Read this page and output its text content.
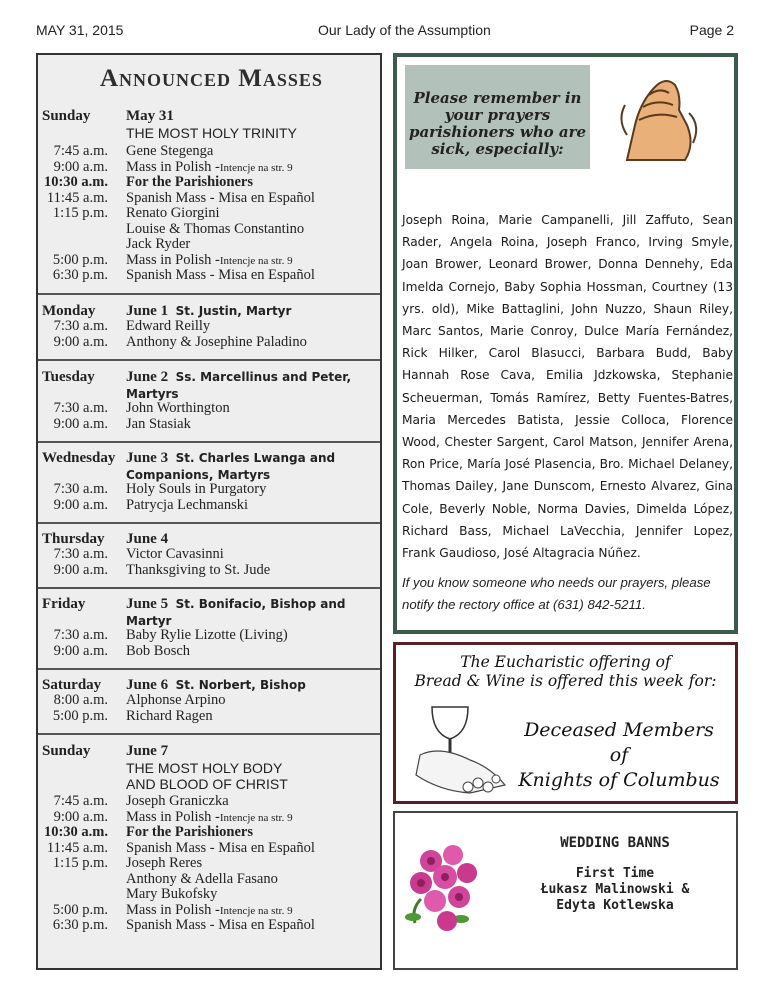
MAY 31, 2015	Our Lady of the Assumption	Page 2
Announced Masses
Sunday May 31
THE MOST HOLY TRINITY
7:45 a.m. Gene Stegenga
9:00 a.m. Mass in Polish -Intencje na str. 9
10:30 a.m. For the Parishioners
11:45 a.m. Spanish Mass - Misa en Español
1:15 p.m. Renato Giorgini
Louise & Thomas Constantino
Jack Ryder
5:00 p.m. Mass in Polish -Intencje na str. 9
6:30 p.m. Spanish Mass - Misa en Español
Monday June 1 St. Justin, Martyr
7:30 a.m. Edward Reilly
9:00 a.m. Anthony & Josephine Paladino
Tuesday June 2 Ss. Marcellinus and Peter,
Martyrs
7:30 a.m. John Worthington
9:00 a.m. Jan Stasiak
Wednesday June 3 St. Charles Lwanga and
Companions, Martyrs
7:30 a.m. Holy Souls in Purgatory
9:00 a.m. Patrycja Lechmanski
Thursday June 4
7:30 a.m. Victor Cavasinni
9:00 a.m. Thanksgiving to St. Jude
Friday	June 5 St. Bonifacio, Bishop and
Martyr
7:30 a.m. Baby Rylie Lizotte (Living)
9:00 a.m. Bob Bosch
Saturday June 6 St. Norbert, Bishop
8:00 a.m. Alphonse Arpino
5:00 p.m. Richard Ragen
Sunday June 7
THE MOST HOLY BODY
AND BLOOD OF CHRIST
7:45 a.m. Joseph Graniczka
9:00 a.m. Mass in Polish -Intencje na str. 9
10:30 a.m. For the Parishioners
11:45 a.m. Spanish Mass - Misa en Español
1:15 p.m. Joseph Reres
Anthony & Adella Fasano
Mary Bukofsky
5:00 p.m. Mass in Polish -Intencje na str. 9
6:30 p.m. Spanish Mass - Misa en Español
Please remember in your prayers parishioners who are sick, especially:
Joseph Roina, Marie Campanelli, Jill Zaffuto, Sean Rader, Angela Roina, Joseph Franco, Irving Smyle, Joan Brower, Leonard Brower, Donna Dennehy, Eda Imelda Cornejo, Baby Sophia Hossman, Courtney (13 yrs. old), Mike Battaglini, John Nuzzo, Shaun Riley, Marc Santos, Marie Conroy, Dulce María Fernández, Rick Hilker, Carol Blasucci, Barbara Budd, Baby Hannah Rose Cava, Emilia Jdzkowska, Stephanie Scheuerman, Tomás Ramírez, Betty Fuentes-Batres, Maria Mercedes Batista, Jessie Colloca, Florence Wood, Chester Sargent, Carol Matson, Jennifer Arena, Ron Price, María José Plasencia, Bro. Michael Delaney, Thomas Dailey, Jane Dunscom, Ernesto Alvarez, Gina Cole, Beverly Noble, Norma Davies, Dimelda López, Richard Bass, Michael LaVecchia, Jennifer Lopez, Frank Gaudioso, José Altagracia Núñez.
If you know someone who needs our prayers, please notify the rectory office at (631) 842-5211.
The Eucharistic offering of
Bread & Wine is offered this week for:
Deceased Members of
Knights of Columbus
WEDDING BANNS
First Time
Łukasz Malinowski &
Edyta Kotlewska
